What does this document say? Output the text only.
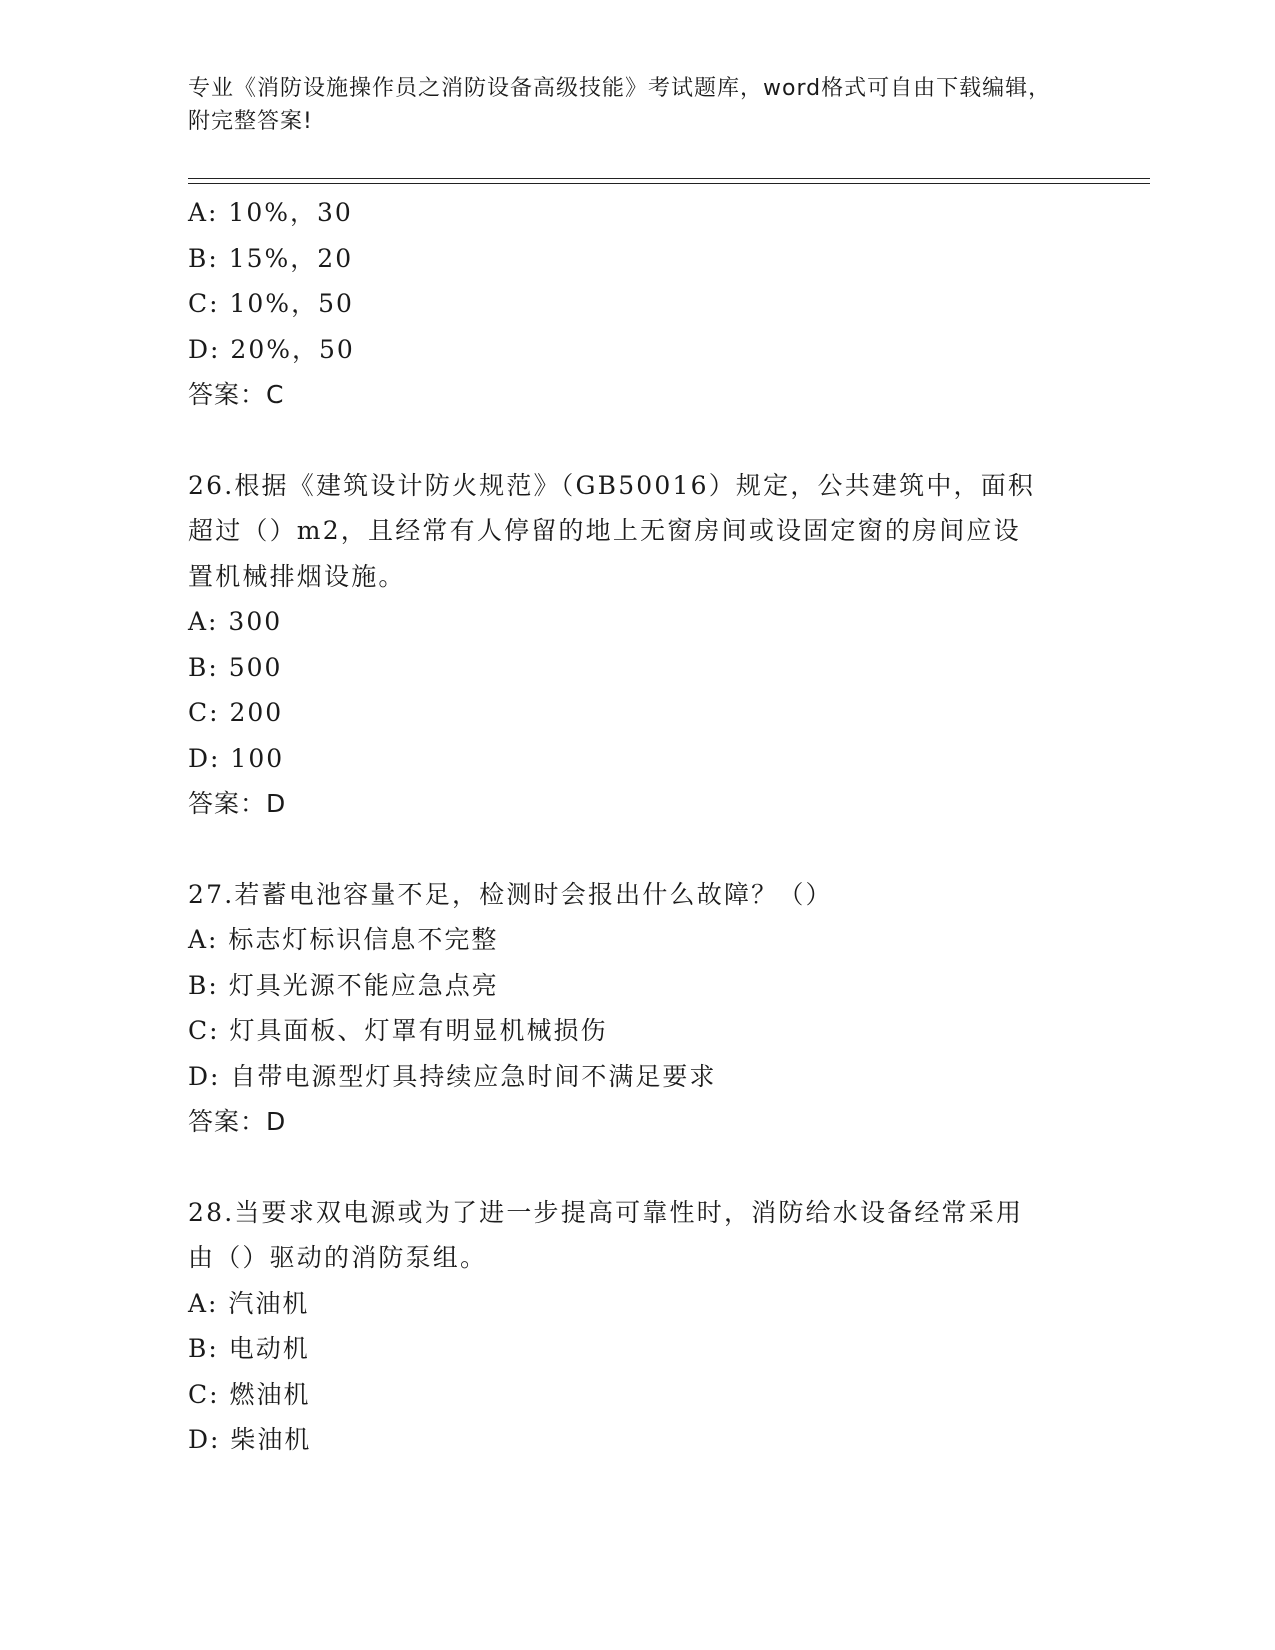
专业《消防设施操作员之消防设备高级技能》考试题库，word格式可自由下载编辑，附完整答案!
A: 10%，30
B: 15%，20
C: 10%，50
D: 20%，50
答案：C
26.根据《建筑设计防火规范》（GB50016）规定，公共建筑中，面积
超过（）m2，且经常有人停留的地上无窗房间或设固定窗的房间应设
置机械排烟设施。
A: 300
B: 500
C: 200
D: 100
答案：D
27.若蓄电池容量不足，检测时会报出什么故障？（）
A: 标志灯标识信息不完整
B: 灯具光源不能应急点亮
C: 灯具面板、灯罩有明显机械损伤
D: 自带电源型灯具持续应急时间不满足要求
答案：D
28.当要求双电源或为了进一步提高可靠性时，消防给水设备经常采用
由（）驱动的消防泵组。
A: 汽油机
B: 电动机
C: 燃油机
D: 柴油机
